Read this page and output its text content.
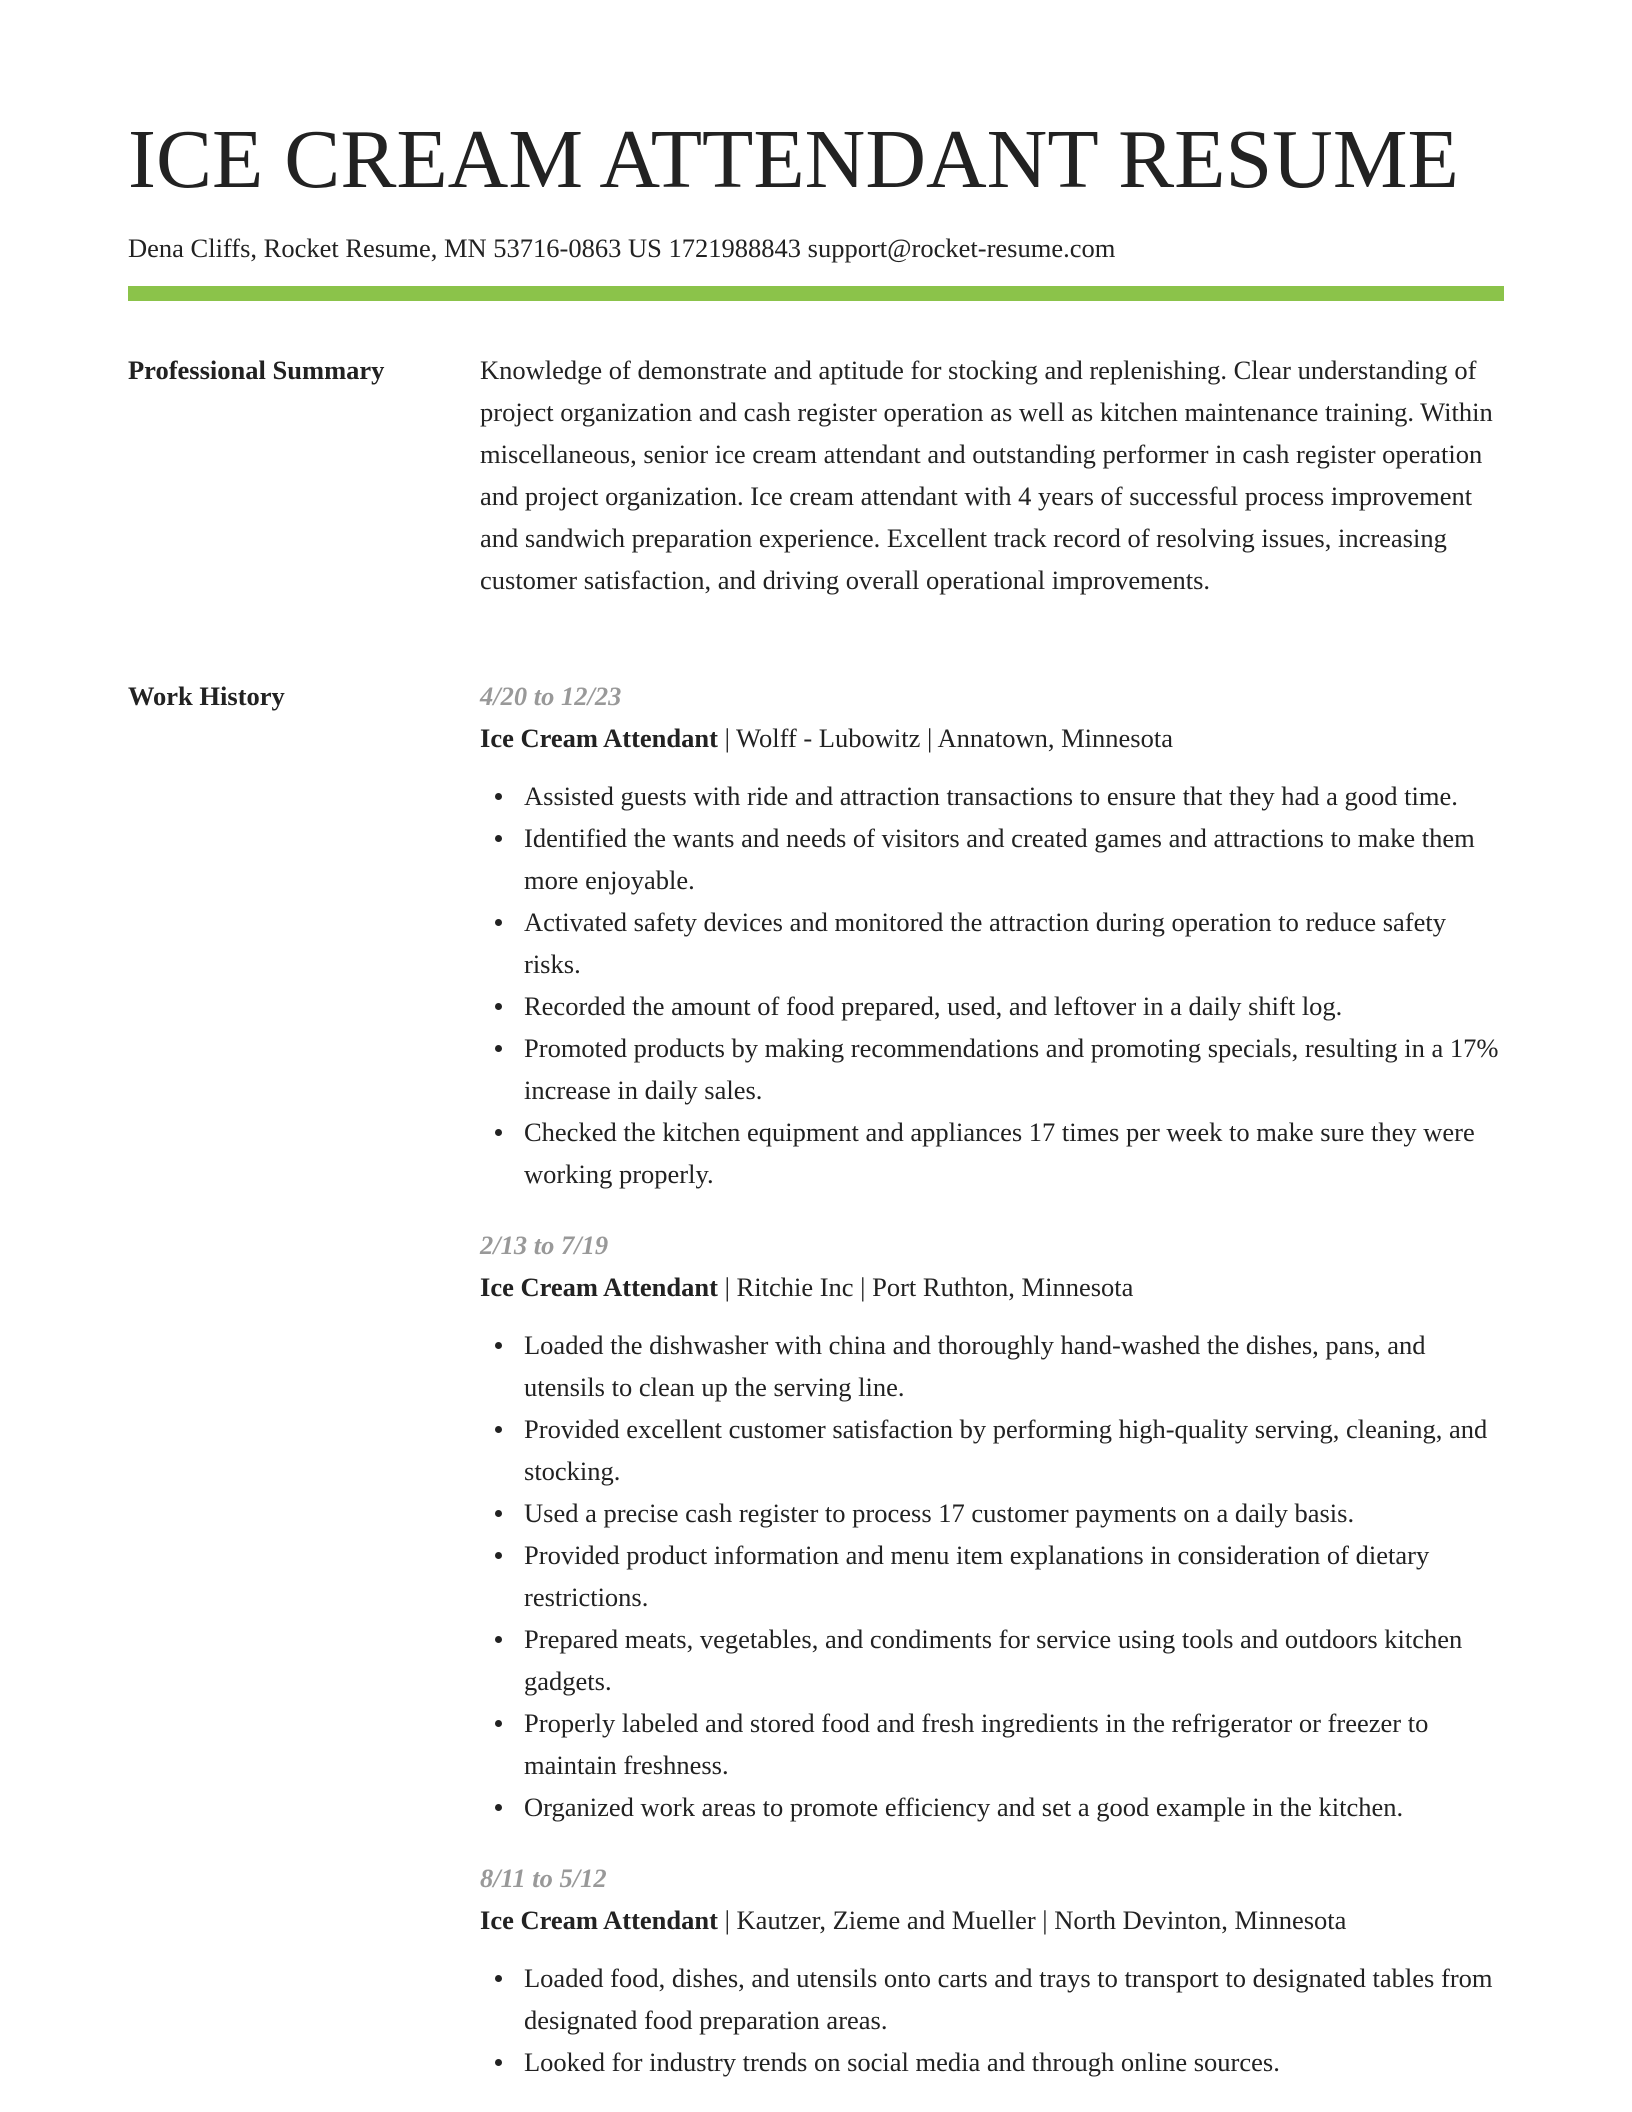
ICE CREAM ATTENDANT RESUME
Dena Cliffs, Rocket Resume, MN 53716-0863 US 1721988843 support@rocket-resume.com
Professional Summary	Knowledge of demonstrate and aptitude for stocking and replenishing. Clear understanding of project organization and cash register operation as well as kitchen maintenance training. Within miscellaneous, senior ice cream attendant and outstanding performer in cash register operation and project organization. Ice cream attendant with 4 years of successful process improvement and sandwich preparation experience. Excellent track record of resolving issues, increasing customer satisfaction, and driving overall operational improvements.

Work History	4/20 to 12/23
Ice Cream Attendant | Wolff - Lubowitz | Annatown, Minnesota
Assisted guests with ride and attraction transactions to ensure that they had a good time.
Identified the wants and needs of visitors and created games and attractions to make them more enjoyable.
Activated safety devices and monitored the attraction during operation to reduce safety risks.
Recorded the amount of food prepared, used, and leftover in a daily shift log.
Promoted products by making recommendations and promoting specials, resulting in a 17% increase in daily sales.
Checked the kitchen equipment and appliances 17 times per week to make sure they were working properly.
2/13 to 7/19
Ice Cream Attendant | Ritchie Inc | Port Ruthton, Minnesota
Loaded the dishwasher with china and thoroughly hand-washed the dishes, pans, and utensils to clean up the serving line.
Provided excellent customer satisfaction by performing high-quality serving, cleaning, and stocking.
Used a precise cash register to process 17 customer payments on a daily basis.
Provided product information and menu item explanations in consideration of dietary restrictions.
Prepared meats, vegetables, and condiments for service using tools and outdoors kitchen gadgets.
Properly labeled and stored food and fresh ingredients in the refrigerator or freezer to maintain freshness.
Organized work areas to promote efficiency and set a good example in the kitchen.
8/11 to 5/12
Ice Cream Attendant | Kautzer, Zieme and Mueller | North Devinton, Minnesota
Loaded food, dishes, and utensils onto carts and trays to transport to designated tables from designated food preparation areas.
Looked for industry trends on social media and through online sources.
